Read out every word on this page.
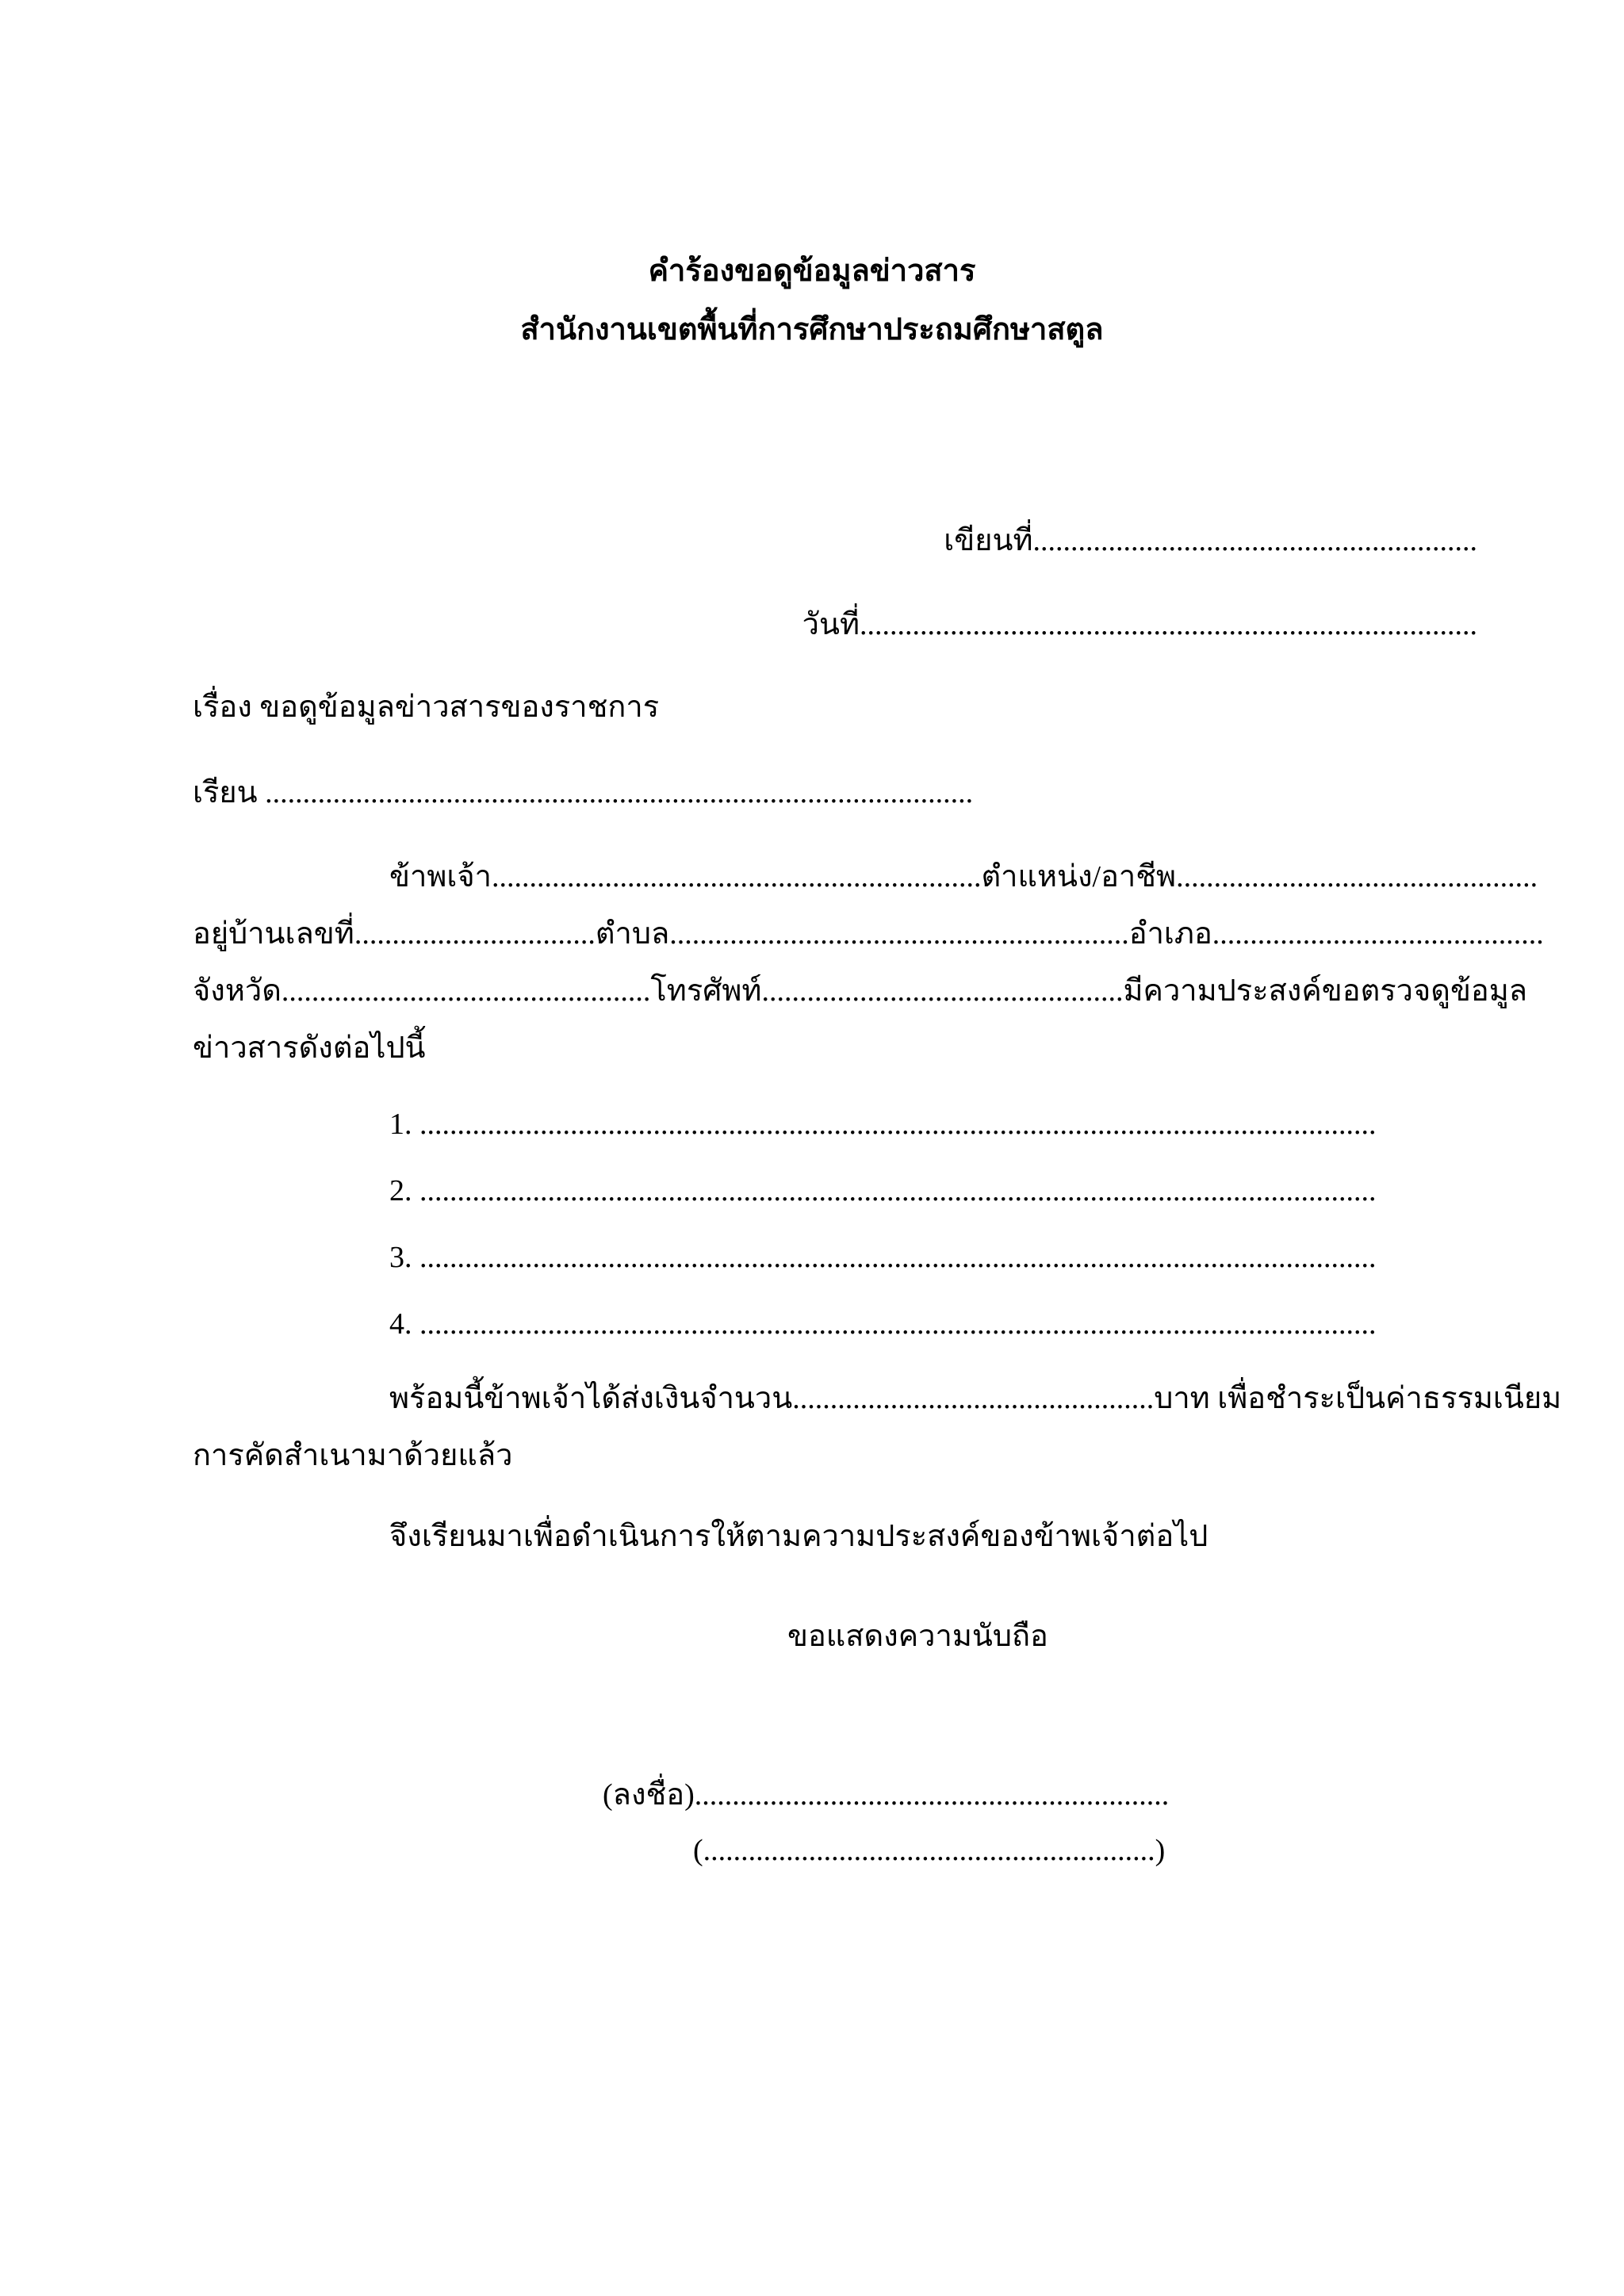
คำร้องขอดูข้อมูลข่าวสาร
สำนักงานเขตพื้นที่การศึกษาประถมศึกษาสตูล
เขียนที่...........................................................
วันที่..................................................................................
เรื่อง ขอดูข้อมูลข่าวสารของราชการ
เรียน ..............................................................................................
ข้าพเจ้า.................................................................ตำแหน่ง/อาชีพ................................................
อยู่บ้านเลขที่................................ตำบล.............................................................อำเภอ............................................
จังหวัด.................................................โทรศัพท์................................................มีความประสงค์ขอตรวจดูข้อมูล
ข่าวสารดังต่อไปนี้
1. ...............................................................................................................................
2. ...............................................................................................................................
3. ...............................................................................................................................
4. ...............................................................................................................................
พร้อมนี้ข้าพเจ้าได้ส่งเงินจำนวน................................................บาท เพื่อชำระเป็นค่าธรรมเนียม
การคัดสำเนามาด้วยแล้ว
จึงเรียนมาเพื่อดำเนินการให้ตามความประสงค์ของข้าพเจ้าต่อไป
ขอแสดงความนับถือ
(ลงชื่อ)...............................................................
(............................................................)
